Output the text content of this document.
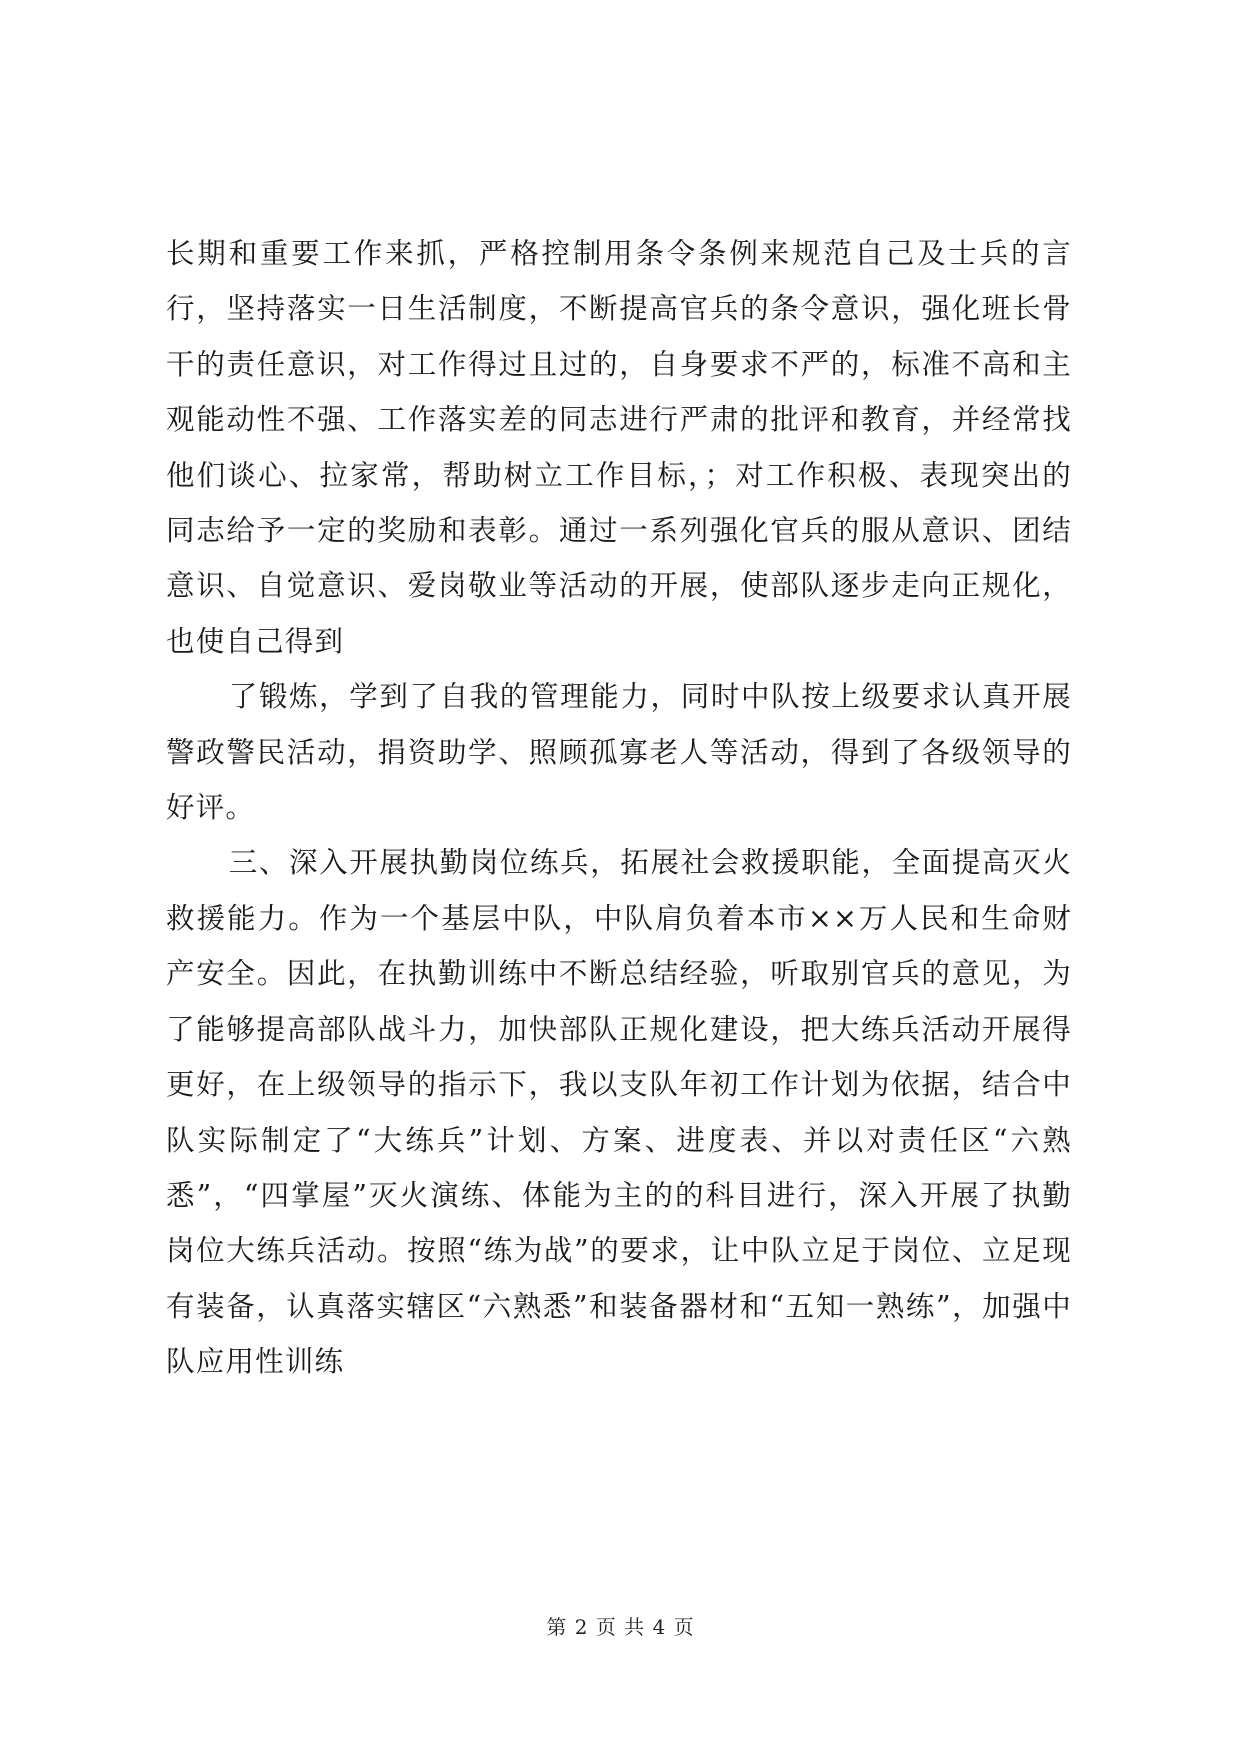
长期和重要工作来抓，严格控制用条令条例来规范自己及士兵的言行，坚持落实一日生活制度，不断提高官兵的条令意识，强化班长骨干的责任意识，对工作得过且过的，自身要求不严的，标准不高和主观能动性不强、工作落实差的同志进行严肃的批评和教育，并经常找他们谈心、拉家常，帮助树立工作目标，；对工作积极、表现突出的同志给予一定的奖励和表彰。通过一系列强化官兵的服从意识、团结意识、自觉意识、爱岗敬业等活动的开展，使部队逐步走向正规化，也使自己得到

了锻炼，学到了自我的管理能力，同时中队按上级要求认真开展警政警民活动，捐资助学、照顾孤寡老人等活动，得到了各级领导的好评。

三、深入开展执勤岗位练兵，拓展社会救援职能，全面提高灭火救援能力。作为一个基层中队，中队肩负着本市××万人民和生命财产安全。因此，在执勤训练中不断总结经验，听取别官兵的意见，为了能够提高部队战斗力，加快部队正规化建设，把大练兵活动开展得更好，在上级领导的指示下，我以支队年初工作计划为依据，结合中队实际制定了“大练兵”计划、方案、进度表、并以对责任区“六熟悉”，“四掌屋”灭火演练、体能为主的的科目进行，深入开展了执勤岗位大练兵活动。按照“练为战”的要求，让中队立足于岗位、立足现有装备，认真落实辖区“六熟悉”和装备器材和“五知一熟练”，加强中队应用性训练

第 2 页 共 4 页
